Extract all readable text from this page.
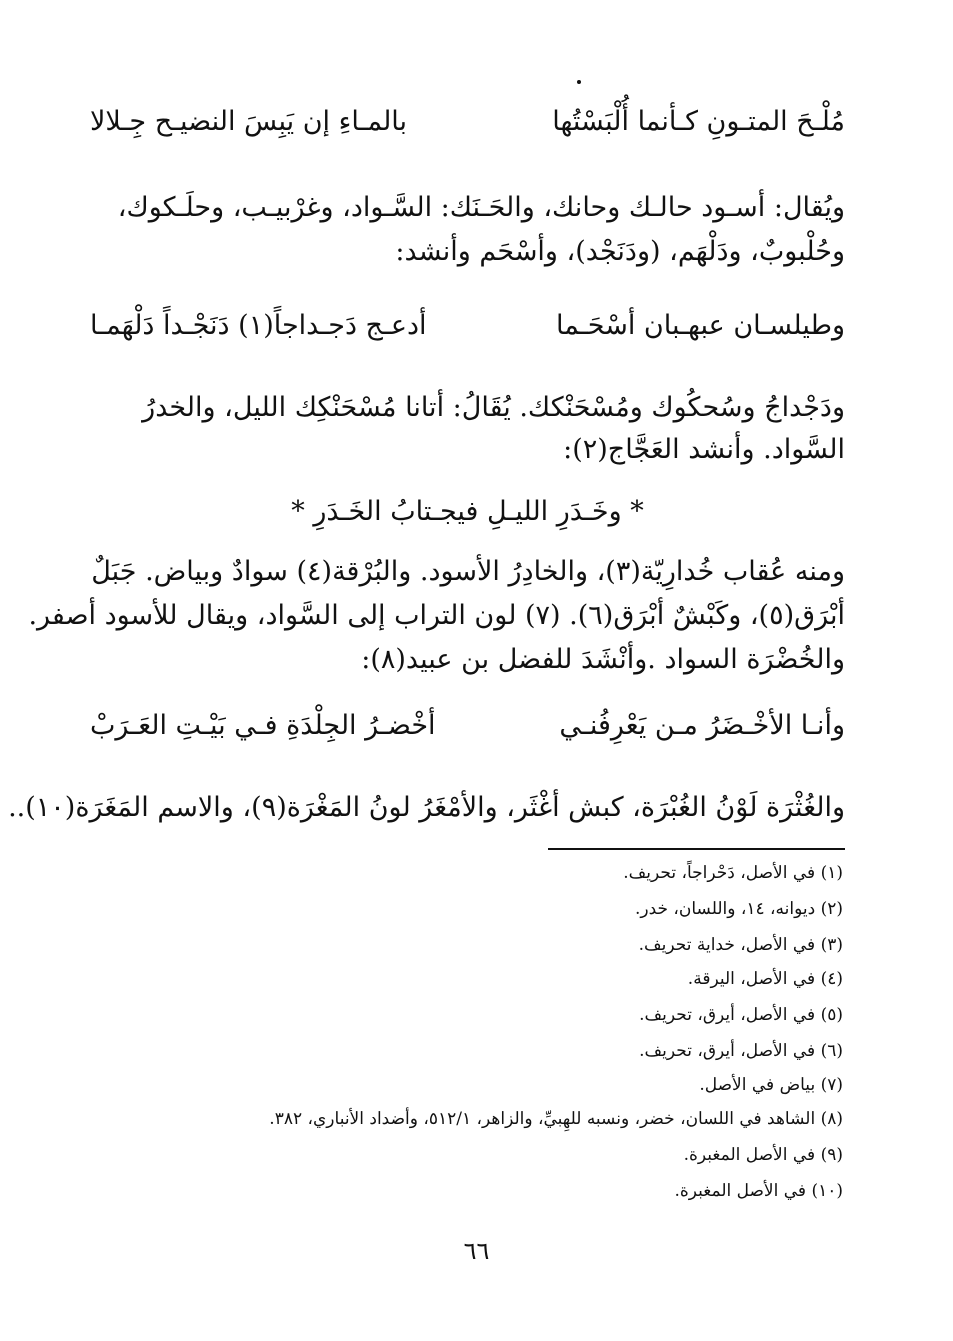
مُلْـحَ المتـونِ كـأنما أُلْبَسْتُها
بالمـاءِ إن يَبِسَ النضيـح جِـلالا
ويُقال: أسـود حالـك وحانك، والحَـنَك: السَّـواد، وغرْبيـب، وحلَـكوك،
وحُلْبوبٌ، ودَلْهَم، (ودَنَجْد)، وأسْحَم وأنشد:
وطيلسـان عبهـبان أسْحَـما
أدعـج دَجـداجاً(١) دَنَجْـداً دَلْهَمـا
ودَجْداجُ وسُحكُوك ومُسْحَنْكك. يُقَالُ: أتانا مُسْحَنْكِك الليل، والخدرُ
السَّواد. وأنشد العَجَّاج(٢):
* وخَـدَرِ الليـلِ فيجـتابُ الخَـدَرِ *
ومنه عُقاب خُدارِيّة(٣)، والخادِرُ الأسود. والبُرْقة(٤) سوادٌ وبياض. جَبَلٌ
أبْرَق(٥)، وكَبْشٌ أبْرَق(٦). (٧) لون التراب إلى السَّواد، ويقال للأسود أصفر.
والخُضْرَة السواد .وأنْشَدَ للفضل بن عبيد(٨):
وأنـا الأخْـضَرُ مـن يَعْرِفُنـي
أخْضـرُ الجِلْدَةِ فـي بَيْـتِ العَـرَبْ
والغُثْرَة لَوْنُ الغُبْرَة، كبش أغْثَر، والأمْغَرُ لونُ المَغْرَة(٩)، والاسم المَغَرَة(١٠)..
(١) في الأصل، دَحْراجاً، تحريف.
(٢) ديوانه، ١٤، واللسان، خدر.
(٣) في الأصل، خداية تحريف.
(٤) في الأصل، اليرقة.
(٥) في الأصل، أيرق، تحريف.
(٦) في الأصل، أيرق، تحريف.
(٧) بياض في الأصل.
(٨) الشاهد في اللسان، خضر، ونسبه للهِبيِّ، والزاهر، ٥١٢/١، وأضداد الأنباري، ٣٨٢.
(٩) في الأصل المغبرة.
(١٠) في الأصل المغبرة.
٦٦
